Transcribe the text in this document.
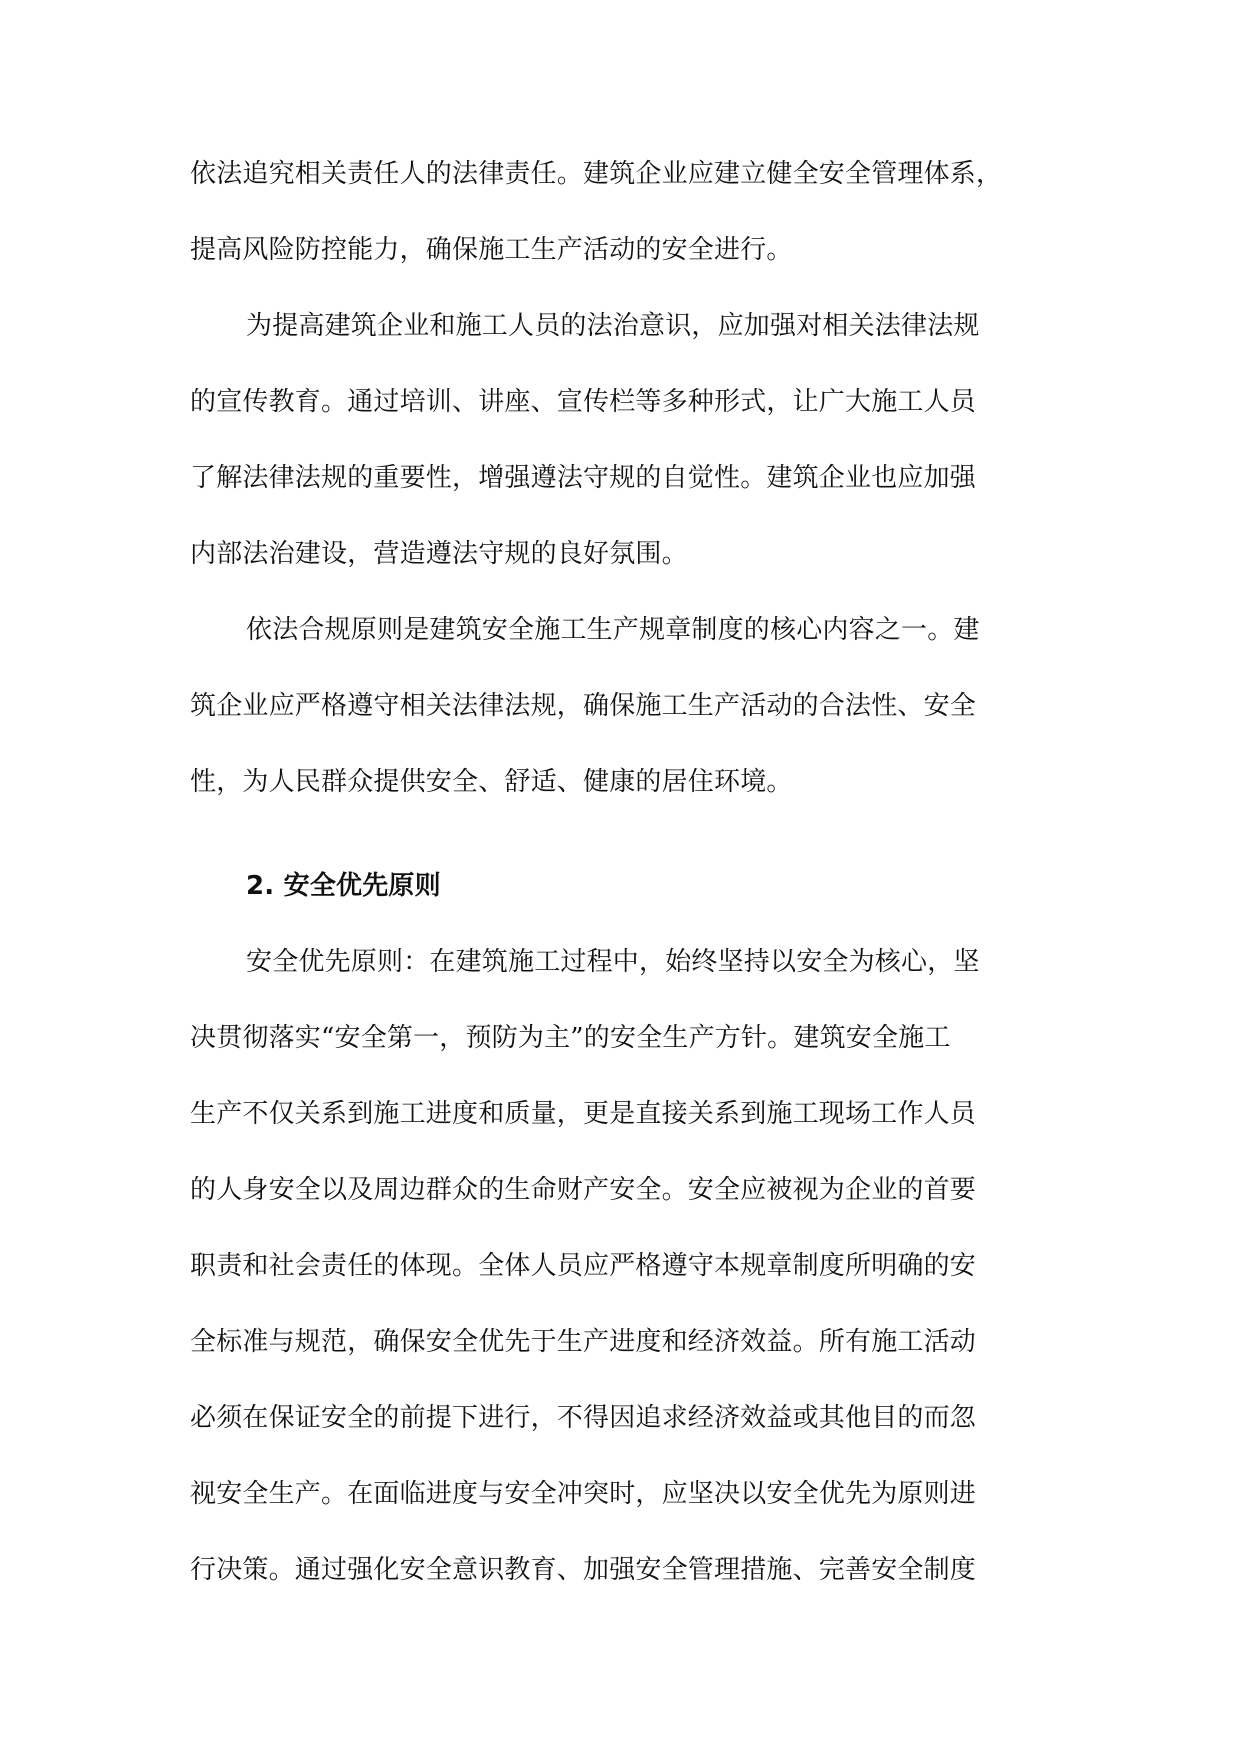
依法追究相关责任人的法律责任。建筑企业应建立健全安全管理体系，
提高风险防控能力，确保施工生产活动的安全进行。
为提高建筑企业和施工人员的法治意识，应加强对相关法律法规
的宣传教育。通过培训、讲座、宣传栏等多种形式，让广大施工人员
了解法律法规的重要性，增强遵法守规的自觉性。建筑企业也应加强
内部法治建设，营造遵法守规的良好氛围。
依法合规原则是建筑安全施工生产规章制度的核心内容之一。建
筑企业应严格遵守相关法律法规，确保施工生产活动的合法性、安全
性，为人民群众提供安全、舒适、健康的居住环境。
2. 安全优先原则
安全优先原则：在建筑施工过程中，始终坚持以安全为核心，坚
决贯彻落实“安全第一，预防为主”的安全生产方针。建筑安全施工
生产不仅关系到施工进度和质量，更是直接关系到施工现场工作人员
的人身安全以及周边群众的生命财产安全。安全应被视为企业的首要
职责和社会责任的体现。全体人员应严格遵守本规章制度所明确的安
全标准与规范，确保安全优先于生产进度和经济效益。所有施工活动
必须在保证安全的前提下进行，不得因追求经济效益或其他目的而忽
视安全生产。在面临进度与安全冲突时，应坚决以安全优先为原则进
行决策。通过强化安全意识教育、加强安全管理措施、完善安全制度
